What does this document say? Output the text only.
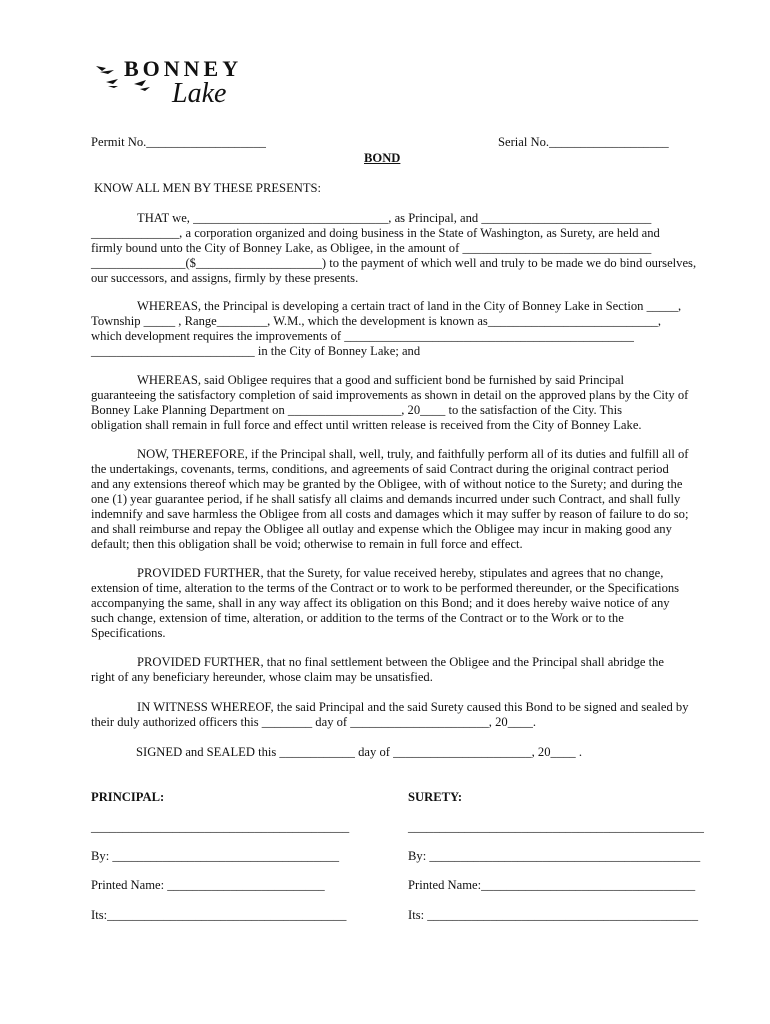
BONNEY
Lake
Permit No.___________________	Serial No.___________________
BOND
KNOW ALL MEN BY THESE PRESENTS:
THAT we, _______________________________, as Principal, and ___________________________
______________, a corporation organized and doing business in the State of Washington, as Surety, are held and
firmly bound unto the City of Bonney Lake, as Obligee, in the amount of ______________________________
_______________($____________________) to the payment of which well and truly to be made we do bind ourselves,
our successors, and assigns, firmly by these presents.
WHEREAS, the Principal is developing a certain tract of land in the City of Bonney Lake in Section _____,
Township _____ , Range________, W.M., which the development is known as___________________________,
which development requires the improvements of ______________________________________________
__________________________ in the City of Bonney Lake; and
WHEREAS, said Obligee requires that a good and sufficient bond be furnished by said Principal
guaranteeing the satisfactory completion of said improvements as shown in detail on the approved plans by the City of
Bonney Lake Planning Department on __________________, 20____ to the satisfaction of the City. This
obligation shall remain in full force and effect until written release is received from the City of Bonney Lake.
NOW, THEREFORE, if the Principal shall, well, truly, and faithfully perform all of its duties and fulfill all of
the undertakings, covenants, terms, conditions, and agreements of said Contract during the original contract period
and any extensions thereof which may be granted by the Obligee, with of without notice to the Surety; and during the
one (1) year guarantee period, if he shall satisfy all claims and demands incurred under such Contract, and shall fully
indemnify and save harmless the Obligee from all costs and damages which it may suffer by reason of failure to do so;
and shall reimburse and repay the Obligee all outlay and expense which the Obligee may incur in making good any
default; then this obligation shall be void; otherwise to remain in full force and effect.
PROVIDED FURTHER, that the Surety, for value received hereby, stipulates and agrees that no change,
extension of time, alteration to the terms of the Contract or to work to be performed thereunder, or the Specifications
accompanying the same, shall in any way affect its obligation on this Bond; and it does hereby waive notice of any
such change, extension of time, alteration, or addition to the terms of the Contract or to the Work or to the
Specifications.
PROVIDED FURTHER, that no final settlement between the Obligee and the Principal shall abridge the
right of any beneficiary hereunder, whose claim may be unsatisfied.
IN WITNESS WHEREOF, the said Principal and the said Surety caused this Bond to be signed and sealed by
their duly authorized officers this ________ day of ______________________, 20____.
SIGNED and SEALED this ____________ day of ______________________, 20____ .
PRINCIPAL:	SURETY:
_________________________________________	_______________________________________________
By: ____________________________________	By: ___________________________________________
Printed Name: _________________________	Printed Name:__________________________________
Its:______________________________________	Its: ___________________________________________
